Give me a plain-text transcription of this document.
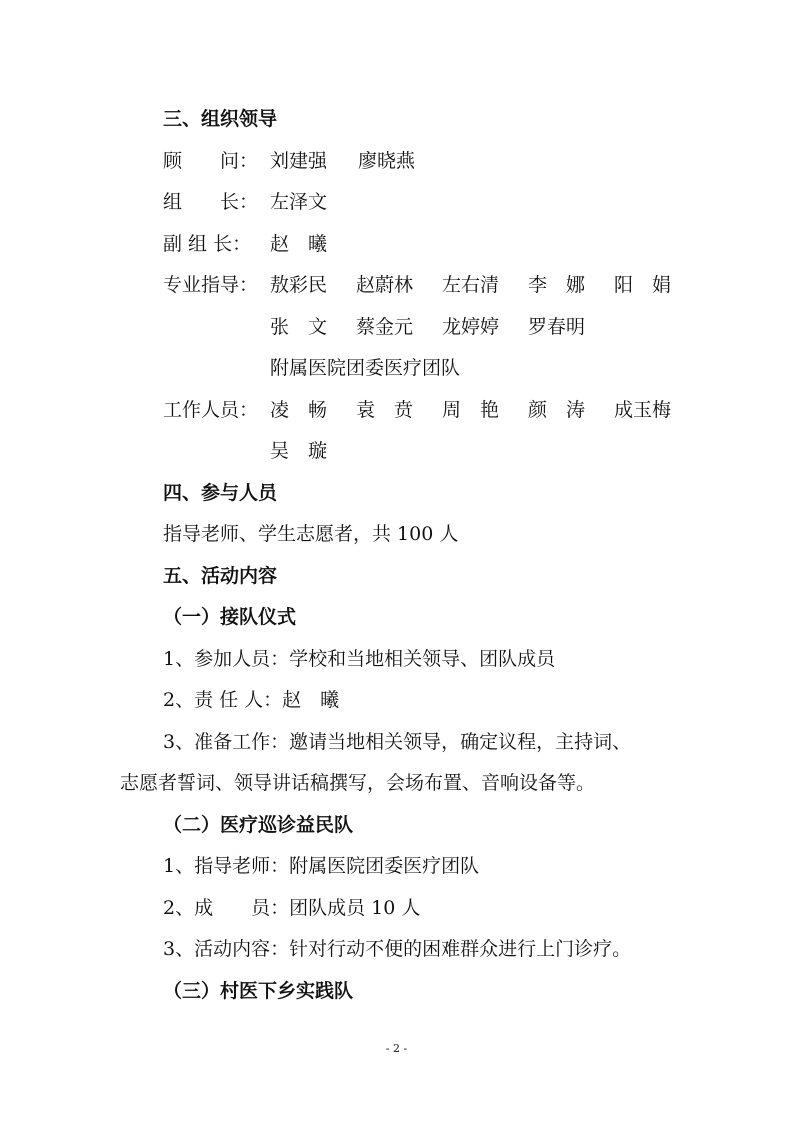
三、组织领导
顾　　问： 刘建强 廖晓燕
组　　长： 左泽文
副 组 长： 赵　曦
专业指导： 敖彩民 赵蔚林 左右清 李　娜 阳　娟
张　文 蔡金元 龙婷婷 罗春明
附属医院团委医疗团队
工作人员： 凌　畅 袁　贲 周　艳 颜　涛 成玉梅
吴　璇
四、参与人员
指导老师、学生志愿者，共 100 人
五、活动内容
（一）接队仪式
1、参加人员：学校和当地相关领导、团队成员
2、责 任 人：赵　曦
3、准备工作：邀请当地相关领导，确定议程，主持词、
志愿者誓词、领导讲话稿撰写，会场布置、音响设备等。
（二）医疗巡诊益民队
1、指导老师：附属医院团委医疗团队
2、成　　员：团队成员 10 人
3、活动内容：针对行动不便的困难群众进行上门诊疗。
（三）村医下乡实践队
- 2 -
